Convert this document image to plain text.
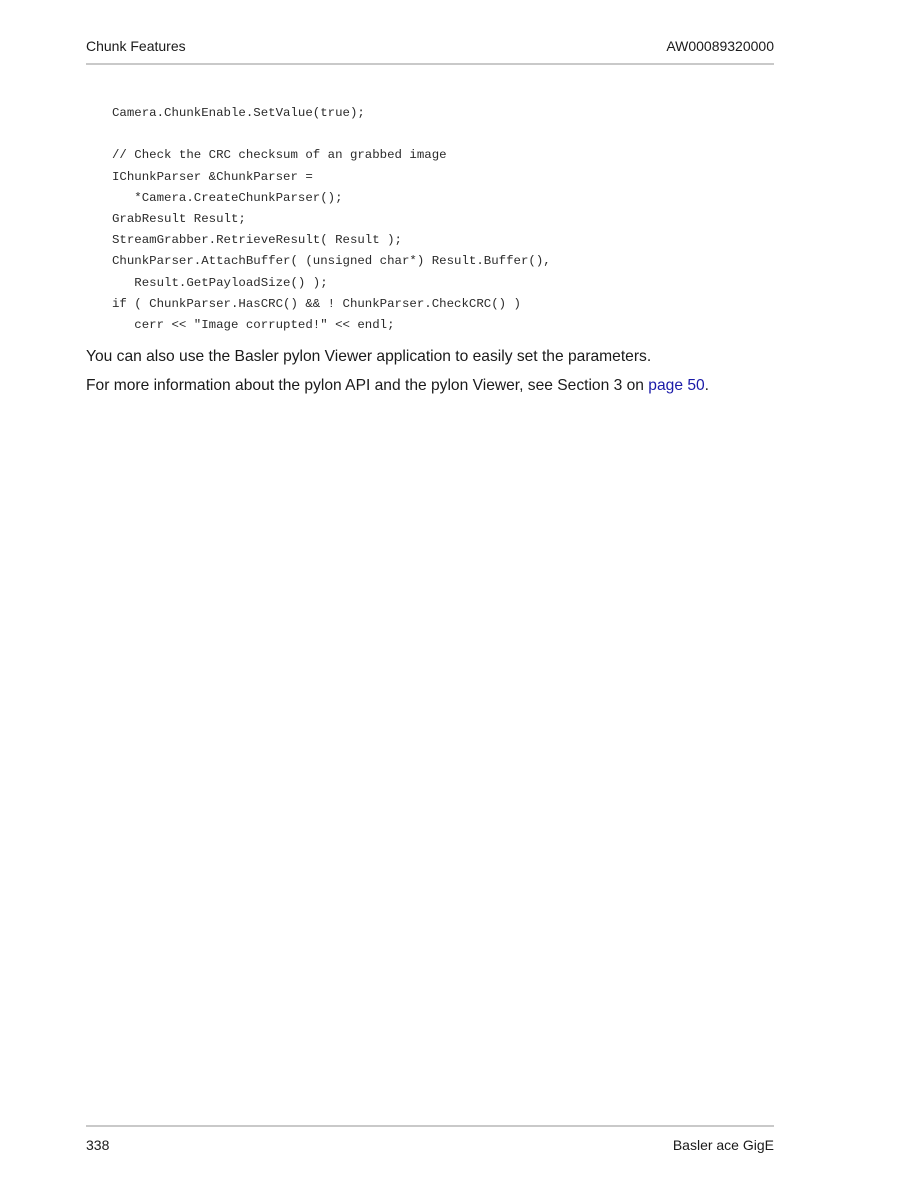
Chunk Features	AW00089320000
Camera.ChunkEnable.SetValue(true);
// Check the CRC checksum of an grabbed image
IChunkParser &ChunkParser =
*Camera.CreateChunkParser();
GrabResult Result;
StreamGrabber.RetrieveResult( Result );
ChunkParser.AttachBuffer( (unsigned char*) Result.Buffer(),
Result.GetPayloadSize() );
if ( ChunkParser.HasCRC() && ! ChunkParser.CheckCRC() )
cerr << "Image corrupted!" << endl;
You can also use the Basler pylon Viewer application to easily set the parameters.
For more information about the pylon API and the pylon Viewer, see Section 3 on page 50.
338	Basler ace GigE
